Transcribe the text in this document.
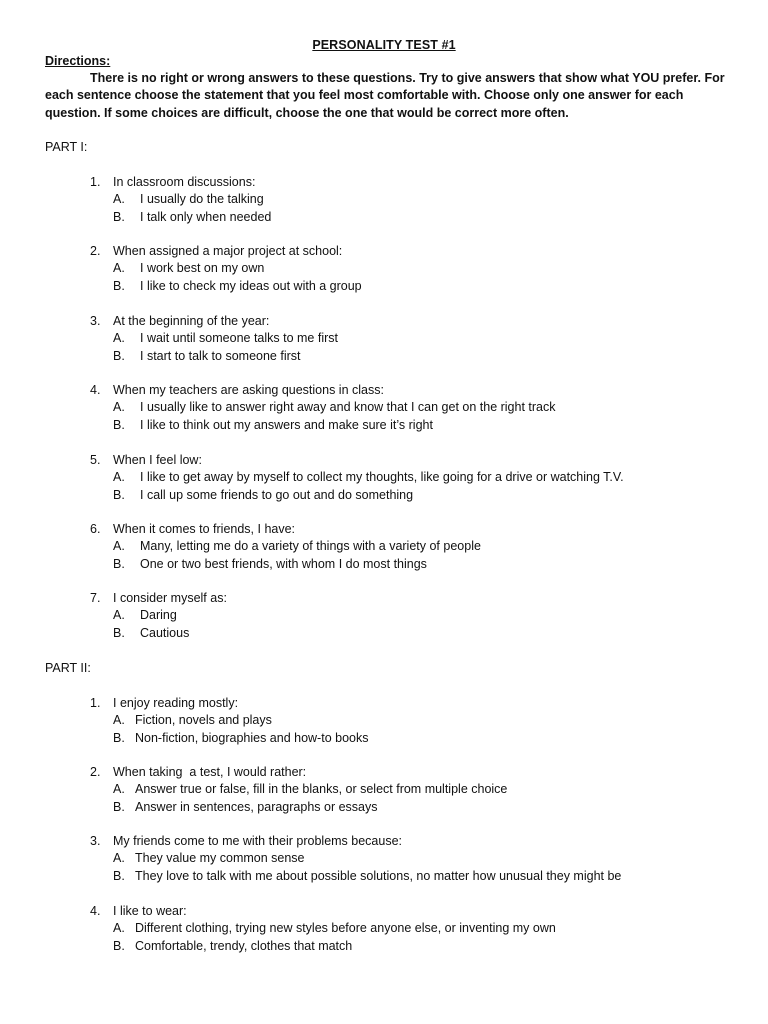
PERSONALITY TEST #1
Directions:
There is no right or wrong answers to these questions. Try to give answers that show what YOU prefer. For each sentence choose the statement that you feel most comfortable with. Choose only one answer for each question. If some choices are difficult, choose the one that would be correct more often.
PART I:
1.	In classroom discussions:
A.	I usually do the talking
B.	I talk only when needed
2.	When assigned a major project at school:
A.	I work best on my own
B.	I like to check my ideas out with a group
3.	At the beginning of the year:
A.	I wait until someone talks to me first
B.	I start to talk to someone first
4.	When my teachers are asking questions in class:
A.	I usually like to answer right away and know that I can get on the right track
B.	I like to think out my answers and make sure it’s right
5.	When I feel low:
A.	I like to get away by myself to collect my thoughts, like going for a drive or watching T.V.
B.	I call up some friends to go out and do something
6.	When it comes to friends, I have:
A.	Many, letting me do a variety of things with a variety of people
B.	One or two best friends, with whom I do most things
7.	I consider myself as:
A.	Daring
B.	Cautious
PART II:
1.	I enjoy reading mostly:
A. Fiction, novels and plays
B. Non-fiction, biographies and how-to books
2.	When taking  a test, I would rather:
A. Answer true or false, fill in the blanks, or select from multiple choice
B. Answer in sentences, paragraphs or essays
3.	My friends come to me with their problems because:
A. They value my common sense
B. They love to talk with me about possible solutions, no matter how unusual they might be
4.	I like to wear:
A. Different clothing, trying new styles before anyone else, or inventing my own
B. Comfortable, trendy, clothes that match
